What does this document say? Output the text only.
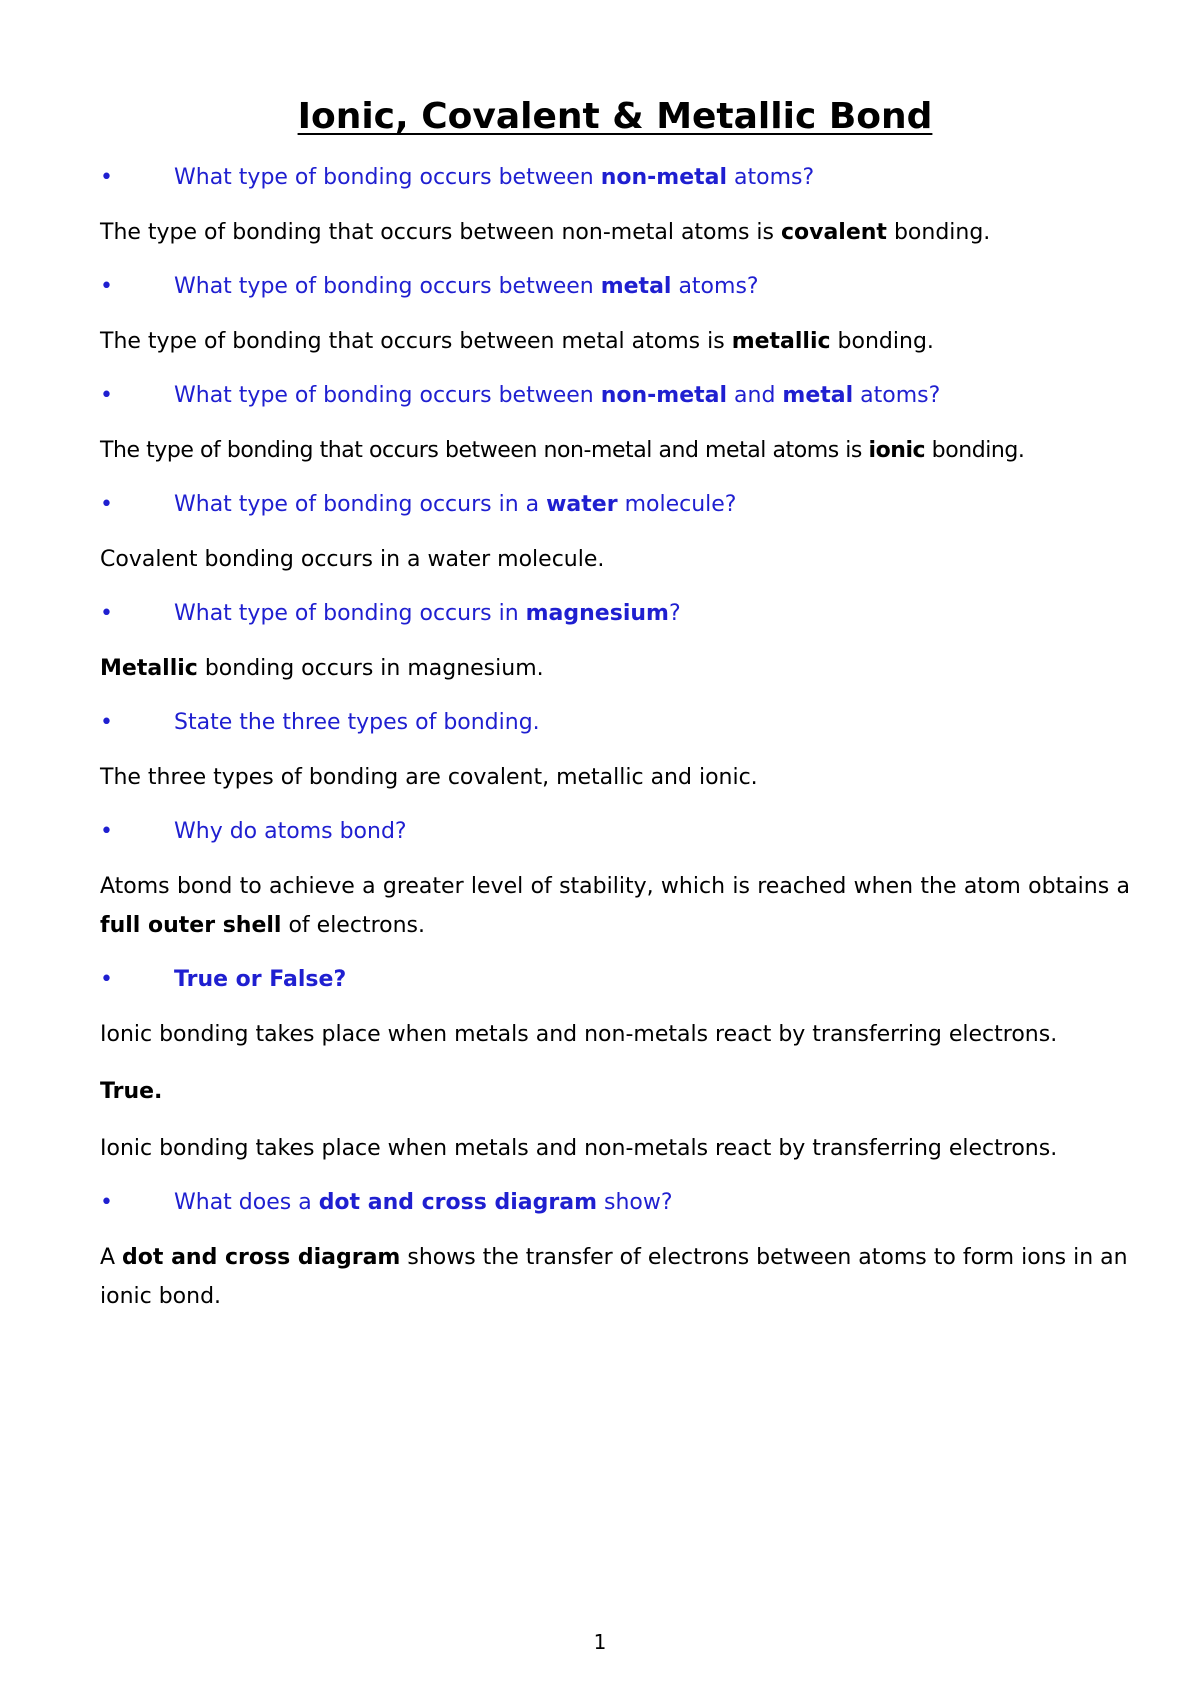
Ionic, Covalent & Metallic Bond

•	What type of bonding occurs between non-metal atoms?

The type of bonding that occurs between non-metal atoms is covalent bonding.

•	What type of bonding occurs between metal atoms?

The type of bonding that occurs between metal atoms is metallic bonding.

•	What type of bonding occurs between non-metal and metal atoms?

The type of bonding that occurs between non-metal and metal atoms is ionic bonding.

•	What type of bonding occurs in a water molecule?

Covalent bonding occurs in a water molecule.

•	What type of bonding occurs in magnesium?

Metallic bonding occurs in magnesium.

•	State the three types of bonding.

The three types of bonding are covalent, metallic and ionic.

•	Why do atoms bond?

Atoms bond to achieve a greater level of stability, which is reached when the atom obtains a full outer shell of electrons.

•	True or False?

Ionic bonding takes place when metals and non-metals react by transferring electrons.

True.

Ionic bonding takes place when metals and non-metals react by transferring electrons.

•	What does a dot and cross diagram show?

A dot and cross diagram shows the transfer of electrons between atoms to form ions in an ionic bond.

1
